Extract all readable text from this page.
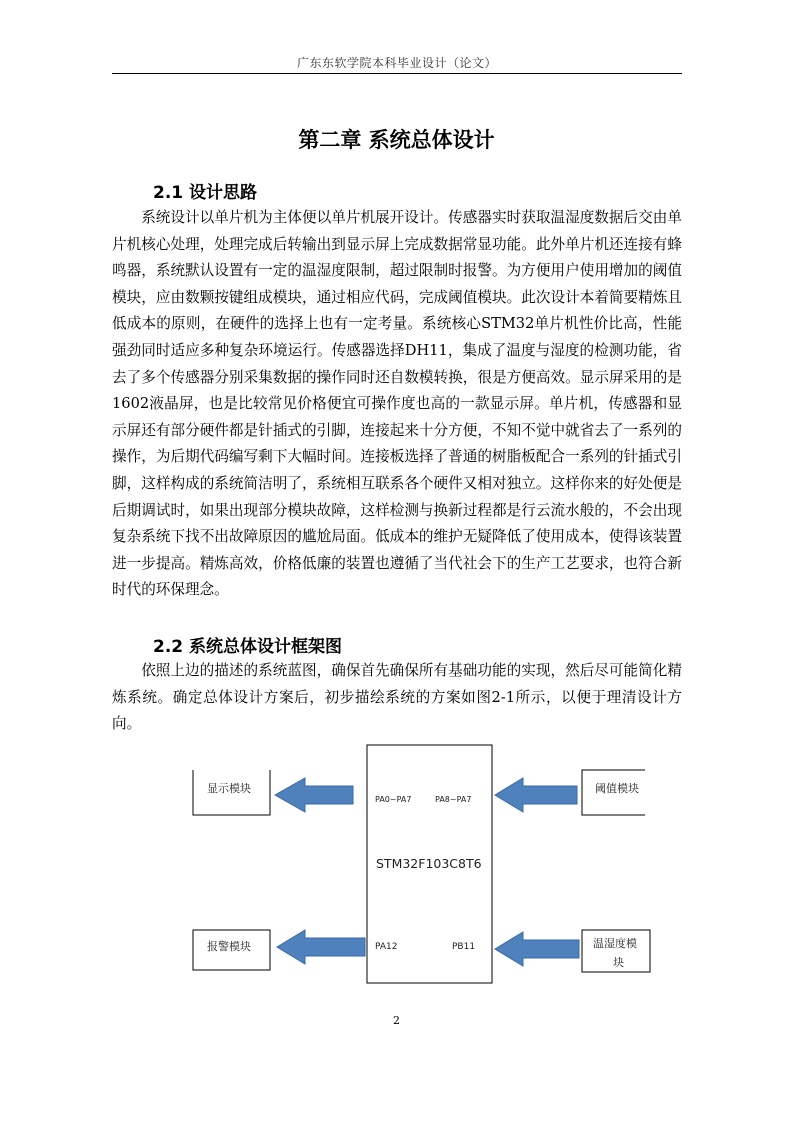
广东东软学院本科毕业设计（论文）
第二章 系统总体设计
2.1 设计思路

系统设计以单片机为主体便以单片机展开设计。传感器实时获取温湿度数据后交由单片机核心处理，处理完成后转输出到显示屏上完成数据常显功能。此外单片机还连接有蜂鸣器，系统默认设置有一定的温湿度限制，超过限制时报警。为方便用户使用增加的阈值模块，应由数颗按键组成模块，通过相应代码，完成阈值模块。此次设计本着简要精炼且低成本的原则，在硬件的选择上也有一定考量。系统核心STM32单片机性价比高，性能强劲同时适应多种复杂环境运行。传感器选择DH11，集成了温度与湿度的检测功能，省去了多个传感器分别采集数据的操作同时还自数模转换，很是方便高效。显示屏采用的是1602液晶屏，也是比较常见价格便宜可操作度也高的一款显示屏。单片机，传感器和显示屏还有部分硬件都是针插式的引脚，连接起来十分方便，不知不觉中就省去了一系列的操作，为后期代码编写剩下大幅时间。连接板选择了普通的树脂板配合一系列的针插式引脚，这样构成的系统简洁明了，系统相互联系各个硬件又相对独立。这样你来的好处便是后期调试时，如果出现部分模块故障，这样检测与换新过程都是行云流水般的，不会出现复杂系统下找不出故障原因的尴尬局面。低成本的维护无疑降低了使用成本，使得该装置进一步提高。精炼高效，价格低廉的装置也遵循了当代社会下的生产工艺要求，也符合新时代的环保理念。

2.2 系统总体设计框架图

依照上边的描述的系统蓝图，确保首先确保所有基础功能的实现，然后尽可能简化精炼系统。确定总体设计方案后，初步描绘系统的方案如图2-1所示，以便于理清设计方向。

PA0~PA7	PA8~PA7
STM32F103C8T6
PA12	PB11
显示模块	阈值模块
报警模块	温湿度模
块
2
